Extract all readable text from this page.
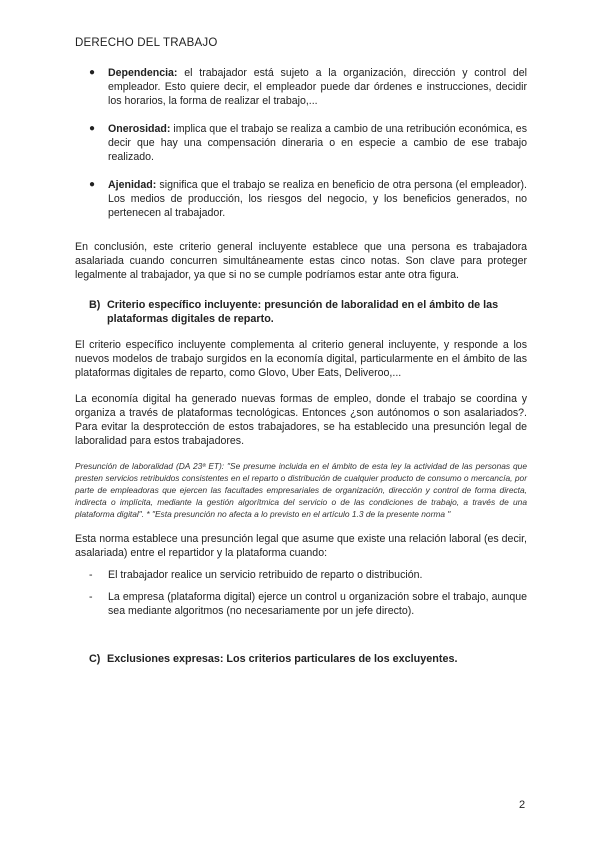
DERECHO DEL TRABAJO
● Dependencia: el trabajador está sujeto a la organización, dirección y control del empleador. Esto quiere decir, el empleador puede dar órdenes e instrucciones, decidir los horarios, la forma de realizar el trabajo,...
● Onerosidad: implica que el trabajo se realiza a cambio de una retribución económica, es decir que hay una compensación dineraria o en especie a cambio de ese trabajo realizado.
● Ajenidad: significa que el trabajo se realiza en beneficio de otra persona (el empleador). Los medios de producción, los riesgos del negocio, y los beneficios generados, no pertenecen al trabajador.

En conclusión, este criterio general incluyente establece que una persona es trabajadora asalariada cuando concurren simultáneamente estas cinco notas. Son clave para proteger legalmente al trabajador, ya que si no se cumple podríamos estar ante otra figura.

B) Criterio específico incluyente: presunción de laboralidad en el ámbito de las plataformas digitales de reparto.

El criterio específico incluyente complementa al criterio general incluyente, y responde a los nuevos modelos de trabajo surgidos en la economía digital, particularmente en el ámbito de las plataformas digitales de reparto, como Glovo, Uber Eats, Deliveroo,...

La economía digital ha generado nuevas formas de empleo, donde el trabajo se coordina y organiza a través de plataformas tecnológicas. Entonces ¿son autónomos o son asalariados?. Para evitar la desprotección de estos trabajadores, se ha establecido una presunción legal de laboralidad para estos trabajadores.

Presunción de laboralidad (DA 23ª ET): "Se presume incluida en el ámbito de esta ley la actividad de las personas que presten servicios retribuidos consistentes en el reparto o distribución de cualquier producto de consumo o mercancía, por parte de empleadoras que ejercen las facultades empresariales de organización, dirección y control de forma directa, indirecta o implícita, mediante la gestión algorítmica del servicio o de las condiciones de trabajo, a través de una plataforma digital". * "Esta presunción no afecta a lo previsto en el artículo 1.3 de la presente norma "

Esta norma establece una presunción legal que asume que existe una relación laboral (es decir, asalariada) entre el repartidor y la plataforma cuando:

- El trabajador realice un servicio retribuido de reparto o distribución.
- La empresa (plataforma digital) ejerce un control u organización sobre el trabajo, aunque sea mediante algoritmos (no necesariamente por un jefe directo).
C) Exclusiones expresas: Los criterios particulares de los excluyentes.
2
